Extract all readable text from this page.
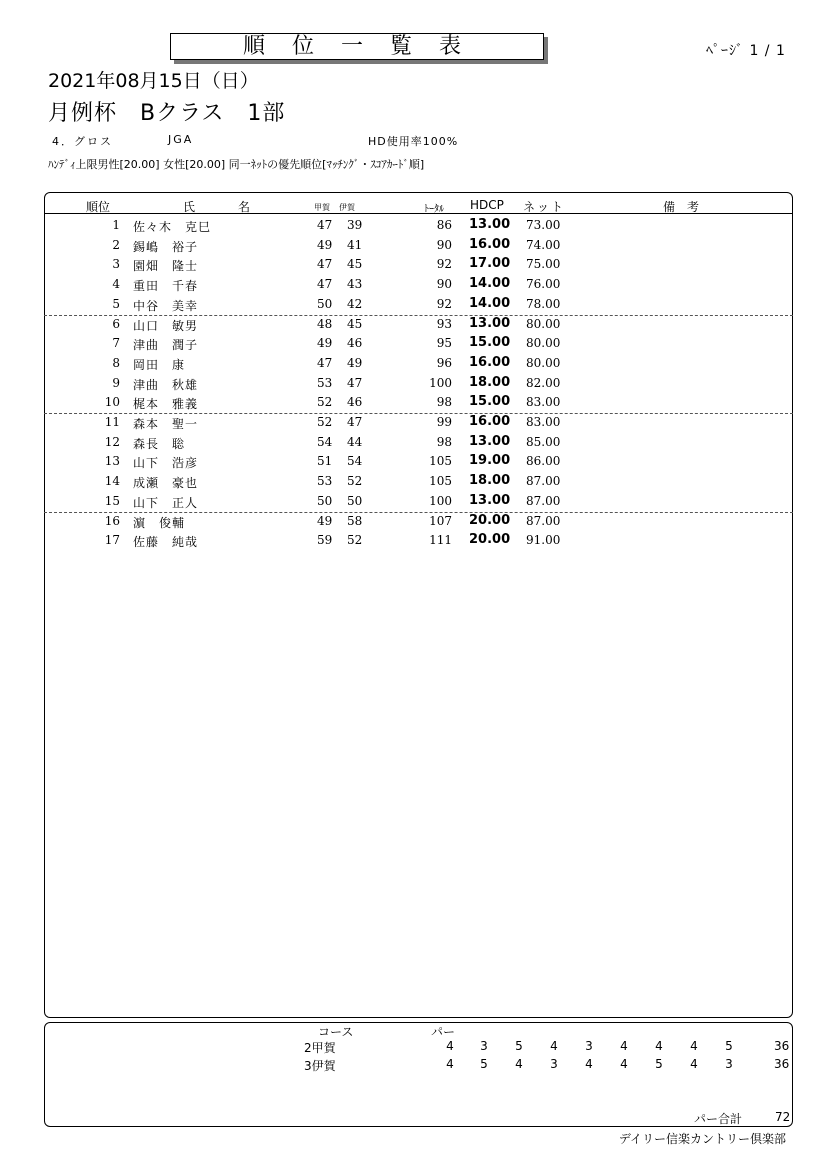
順 位 一 覧 表	ﾍﾟｰｼﾞ 1 / 1
2021年08月15日（日）
月例杯　Bクラス　1部
4．グロス	JGA	HD使用率100%
ﾊﾝﾃﾞｨ上限男性[20.00] 女性[20.00] 同一ﾈｯﾄの優先順位[ﾏｯﾁﾝｸﾞ・ｽｺｱｶｰﾄﾞ順]
順位	氏	名	甲賀 伊賀	ﾄｰﾀﾙ HDCP ネット	備　考
1 佐々木　克巳	47 39	86 13.00 73.00
2 錫嶋　裕子	49 41	90 16.00 74.00
3 園畑　隆士	47 45	92 17.00 75.00
4 重田　千春	47 43	90 14.00 76.00
5 中谷　美幸	50 42	92 14.00 78.00
6 山口　敏男	48 45	93 13.00 80.00
7 津曲　潤子	49 46	95 15.00 80.00
8 岡田　康	47 49	96 16.00 80.00
9 津曲　秋雄	53 47	100 18.00 82.00
10 梶本　雅義	52 46	98 15.00 83.00
11 森本　聖一	52 47	99 16.00 83.00
12 森長　聡	54 44	98 13.00 85.00
13 山下　浩彦	51 54	105 19.00 86.00
14 成瀬　豪也	53 52	105 18.00 87.00
15 山下　正人	50 50	100 13.00 87.00
16 濵　俊輔	49 58	107 20.00 87.00
17 佐藤　純哉	59 52	111 20.00 91.00
コース	パー
2甲賀	4 3 5 4 3 4 4 4 5	36
3伊賀	4 5 4 3 4 4 5 4 3	36
パー合計	72
デイリー信楽カントリー倶楽部
